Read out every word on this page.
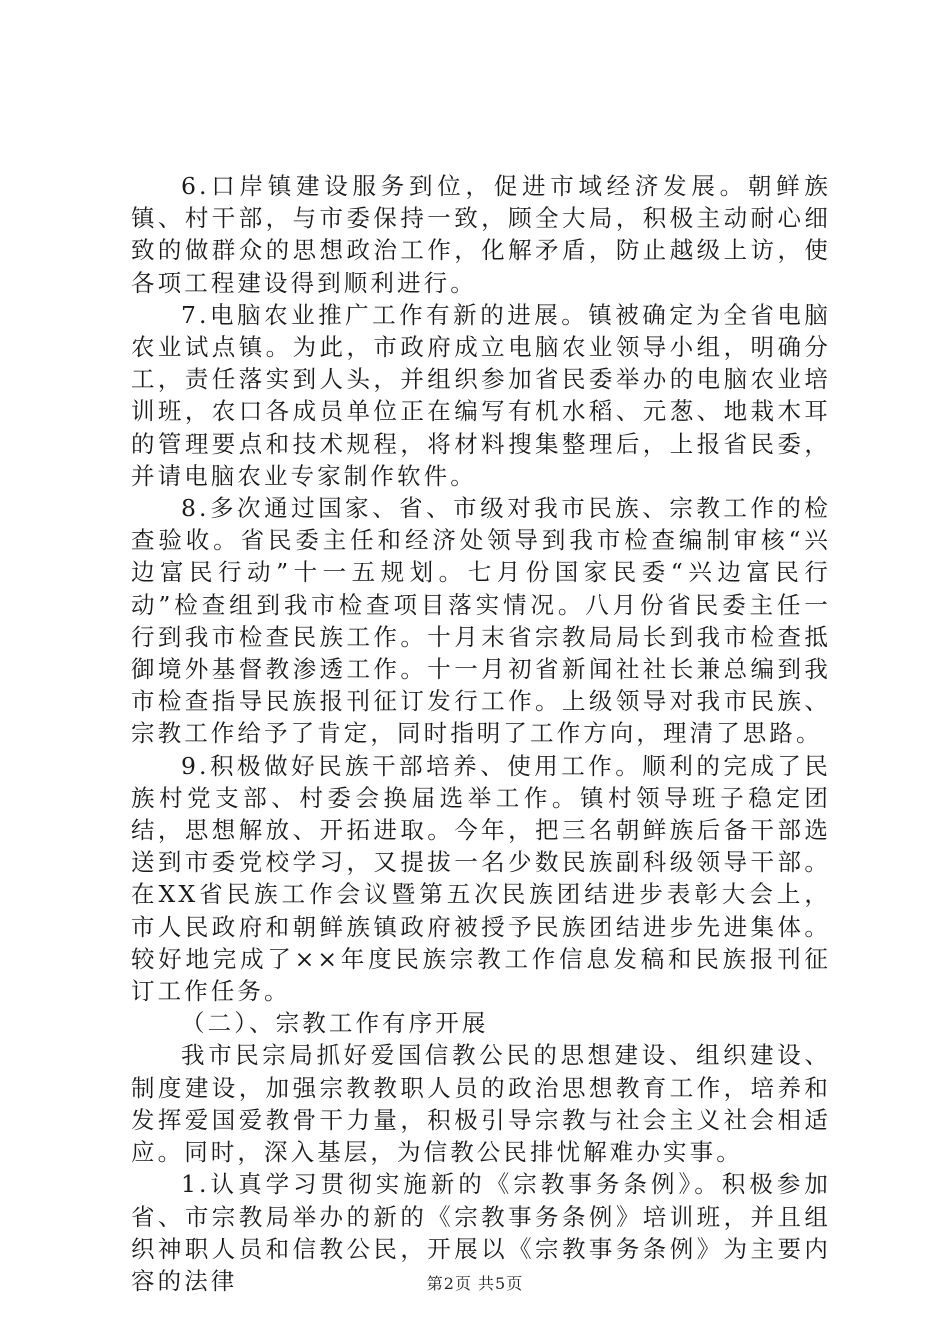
6.口岸镇建设服务到位，促进市域经济发展。朝鲜族镇、村干部，与市委保持一致，顾全大局，积极主动耐心细致的做群众的思想政治工作，化解矛盾，防止越级上访，使各项工程建设得到顺利进行。

7.电脑农业推广工作有新的进展。镇被确定为全省电脑农业试点镇。为此，市政府成立电脑农业领导小组，明确分工，责任落实到人头，并组织参加省民委举办的电脑农业培训班，农口各成员单位正在编写有机水稻、元葱、地栽木耳的管理要点和技术规程，将材料搜集整理后，上报省民委，并请电脑农业专家制作软件。

8.多次通过国家、省、市级对我市民族、宗教工作的检查验收。省民委主任和经济处领导到我市检查编制审核“兴边富民行动”十一五规划。七月份国家民委“兴边富民行动”检查组到我市检查项目落实情况。八月份省民委主任一行到我市检查民族工作。十月末省宗教局局长到我市检查抵御境外基督教渗透工作。十一月初省新闻社社长兼总编到我市检查指导民族报刊征订发行工作。上级领导对我市民族、宗教工作给予了肯定，同时指明了工作方向，理清了思路。

9.积极做好民族干部培养、使用工作。顺利的完成了民族村党支部、村委会换届选举工作。镇村领导班子稳定团结，思想解放、开拓进取。今年，把三名朝鲜族后备干部选送到市委党校学习，又提拔一名少数民族副科级领导干部。在XX省民族工作会议暨第五次民族团结进步表彰大会上，市人民政府和朝鲜族镇政府被授予民族团结进步先进集体。较好地完成了××年度民族宗教工作信息发稿和民族报刊征订工作任务。

（二）、宗教工作有序开展

我市民宗局抓好爱国信教公民的思想建设、组织建设、制度建设，加强宗教教职人员的政治思想教育工作，培养和发挥爱国爱教骨干力量，积极引导宗教与社会主义社会相适应。同时，深入基层，为信教公民排忧解难办实事。

1.认真学习贯彻实施新的《宗教事务条例》。积极参加省、市宗教局举办的新的《宗教事务条例》培训班，并且组织神职人员和信教公民，开展以《宗教事务条例》为主要内容的法律	第2页 共5页
